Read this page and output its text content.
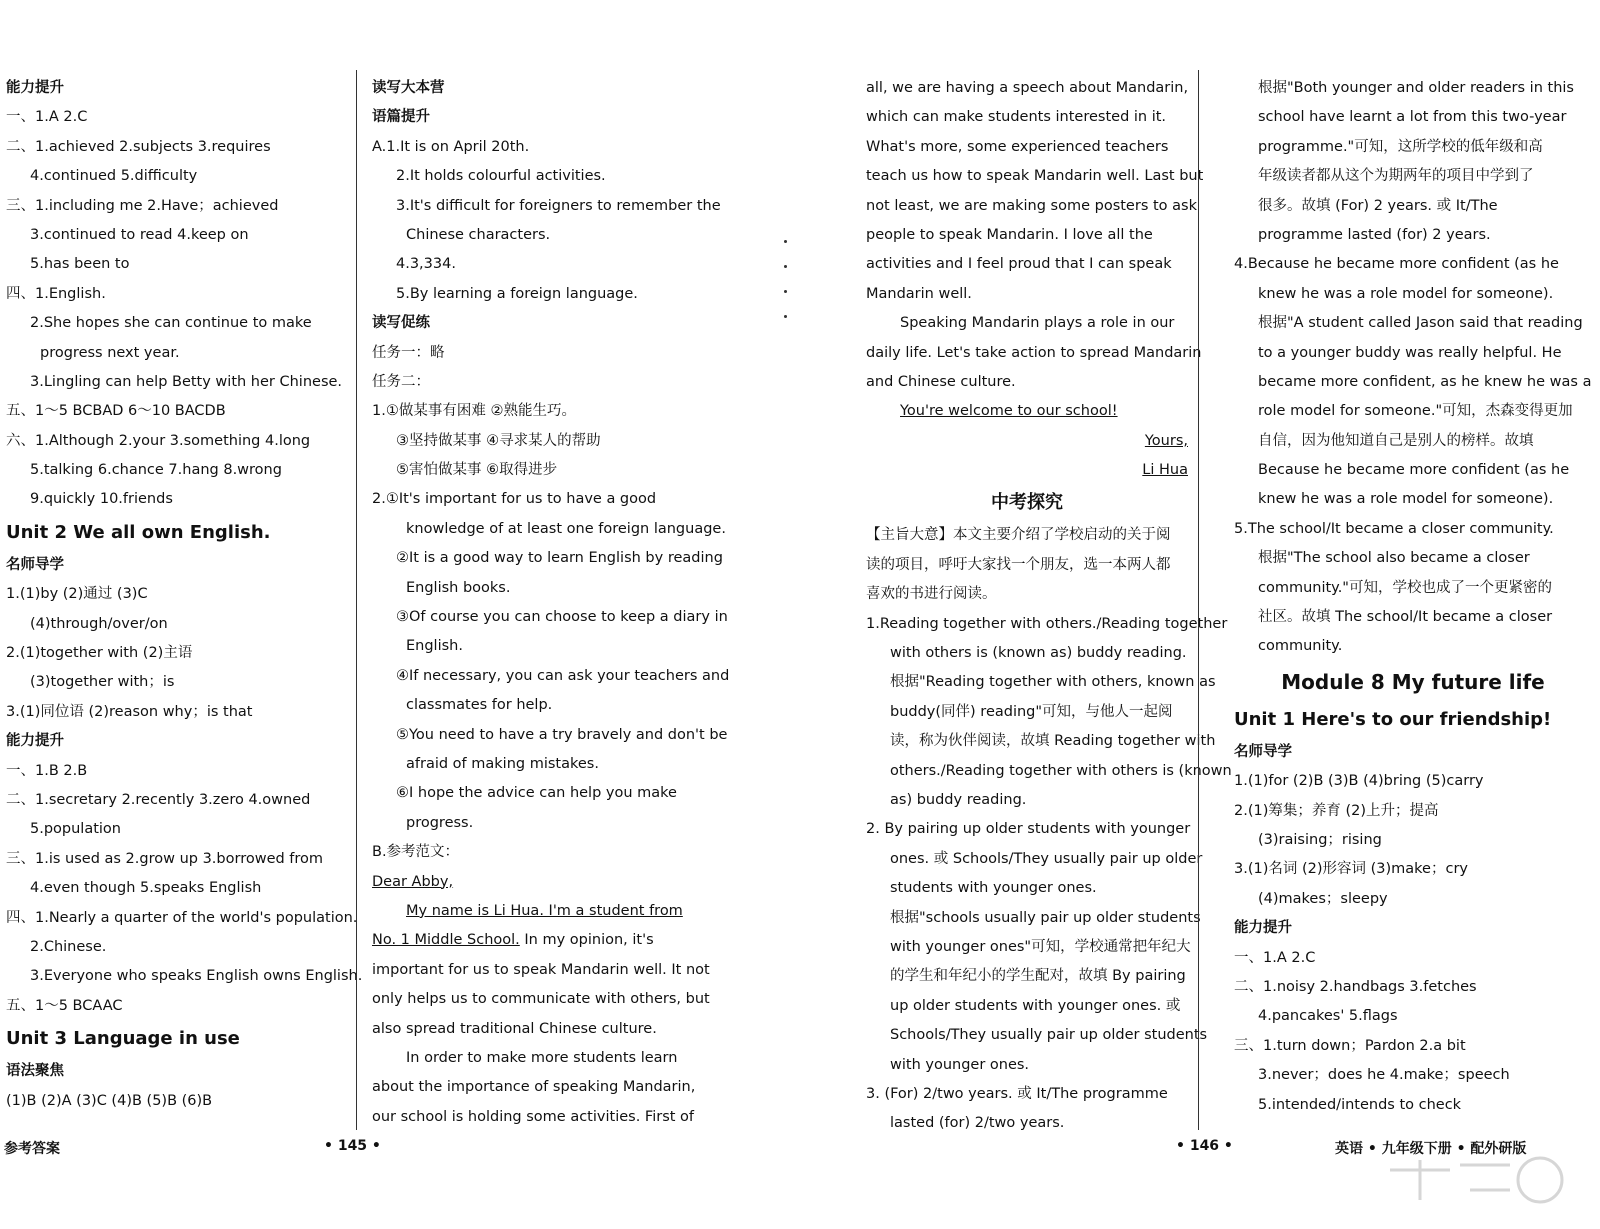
能力提升
一、1.A 2.C
二、1.achieved 2.subjects 3.requires
4.continued 5.difficulty
三、1.including me 2.Have；achieved
3.continued to read 4.keep on
5.has been to
四、1.English.
2.She hopes she can continue to make
progress next year.
3.Lingling can help Betty with her Chinese.
五、1～5 BCBAD 6～10 BACDB
六、1.Although 2.your 3.something 4.long
5.talking 6.chance 7.hang 8.wrong
9.quickly 10.friends
Unit 2 We all own English.
名师导学
1.(1)by (2)通过 (3)C
(4)through/over/on
2.(1)together with (2)主语
(3)together with；is
3.(1)同位语 (2)reason why；is that
能力提升
一、1.B 2.B
二、1.secretary 2.recently 3.zero 4.owned
5.population
三、1.is used as 2.grow up 3.borrowed from
4.even though 5.speaks English
四、1.Nearly a quarter of the world's population.
2.Chinese.
3.Everyone who speaks English owns English.
五、1～5 BCAAC
Unit 3 Language in use
语法聚焦
(1)B (2)A (3)C (4)B (5)B (6)B
读写大本营
语篇提升
A.1.It is on April 20th.
2.It holds colourful activities.
3.It's difficult for foreigners to remember the
Chinese characters.
4.3,334.
5.By learning a foreign language.
读写促练
任务一：略
任务二：
1.①做某事有困难 ②熟能生巧。
③坚持做某事 ④寻求某人的帮助
⑤害怕做某事 ⑥取得进步
2.①It's important for us to have a good
knowledge of at least one foreign language.
②It is a good way to learn English by reading
English books.
③Of course you can choose to keep a diary in
English.
④If necessary, you can ask your teachers and
classmates for help.
⑤You need to have a try bravely and don't be
afraid of making mistakes.
⑥I hope the advice can help you make
progress.
B.参考范文：
Dear Abby,
My name is Li Hua. I'm a student from
No. 1 Middle School. In my opinion, it's
important for us to speak Mandarin well. It not
only helps us to communicate with others, but
also spread traditional Chinese culture.
In order to make more students learn
about the importance of speaking Mandarin,
our school is holding some activities. First of
参考答案	• 145 •
all, we are having a speech about Mandarin,
which can make students interested in it.
What's more, some experienced teachers
teach us how to speak Mandarin well. Last but
not least, we are making some posters to ask
people to speak Mandarin. I love all the
activities and I feel proud that I can speak
Mandarin well.
Speaking Mandarin plays a role in our
daily life. Let's take action to spread Mandarin
and Chinese culture.
You're welcome to our school!
Yours,
Li Hua
中考探究
【主旨大意】本文主要介绍了学校启动的关于阅
读的项目，呼吁大家找一个朋友，选一本两人都
喜欢的书进行阅读。
1.Reading together with others./Reading together
with others is (known as) buddy reading.
根据"Reading together with others, known as
buddy(同伴) reading"可知，与他人一起阅
读，称为伙伴阅读，故填 Reading together with
others./Reading together with others is (known
as) buddy reading.
2. By pairing up older students with younger
ones. 或 Schools/They usually pair up older
students with younger ones.
根据"schools usually pair up older students
with younger ones"可知，学校通常把年纪大
的学生和年纪小的学生配对，故填 By pairing
up older students with younger ones. 或
Schools/They usually pair up older students
with younger ones.
3. (For) 2/two years. 或 It/The programme
lasted (for) 2/two years.
根据"Both younger and older readers in this
school have learnt a lot from this two-year
programme."可知，这所学校的低年级和高
年级读者都从这个为期两年的项目中学到了
很多。故填 (For) 2 years. 或 It/The
programme lasted (for) 2 years.
4.Because he became more confident (as he
knew he was a role model for someone).
根据"A student called Jason said that reading
to a younger buddy was really helpful. He
became more confident, as he knew he was a
role model for someone."可知，杰森变得更加
自信，因为他知道自己是别人的榜样。故填
Because he became more confident (as he
knew he was a role model for someone).
5.The school/It became a closer community.
根据"The school also became a closer
community."可知，学校也成了一个更紧密的
社区。故填 The school/It became a closer
community.
Module 8 My future life
Unit 1 Here's to our friendship!
名师导学
1.(1)for (2)B (3)B (4)bring (5)carry
2.(1)筹集；养育 (2)上升；提高
(3)raising；rising
3.(1)名词 (2)形容词 (3)make；cry
(4)makes；sleepy
能力提升
一、1.A 2.C
二、1.noisy 2.handbags 3.fetches
4.pancakes' 5.flags
三、1.turn down；Pardon 2.a bit
3.never；does he 4.make；speech
5.intended/intends to check
• 146 •	英语 • 九年级下册 • 配外研版
